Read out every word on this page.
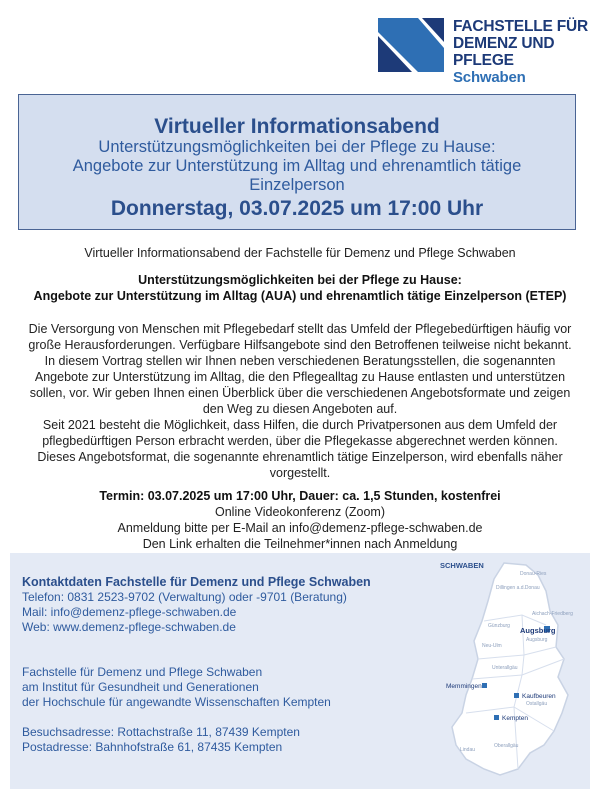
FACHSTELLE FÜR
DEMENZ UND PFLEGE
Schwaben
Virtueller Informationsabend
Unterstützungsmöglichkeiten bei der Pflege zu Hause:
Angebote zur Unterstützung im Alltag und ehrenamtlich tätige
Einzelperson
Donnerstag, 03.07.2025 um 17:00 Uhr
Virtueller Informationsabend der Fachstelle für Demenz und Pflege Schwaben
Unterstützungsmöglichkeiten bei der Pflege zu Hause:
Angebote zur Unterstützung im Alltag (AUA) und ehrenamtlich tätige Einzelperson (ETEP)
Die Versorgung von Menschen mit Pflegebedarf stellt das Umfeld der Pflegebedürftigen häufig vor
große Herausforderungen. Verfügbare Hilfsangebote sind den Betroffenen teilweise nicht bekannt.
In diesem Vortrag stellen wir Ihnen neben verschiedenen Beratungsstellen, die sogenannten
Angebote zur Unterstützung im Alltag, die den Pflegealltag zu Hause entlasten und unterstützen
sollen, vor. Wir geben Ihnen einen Überblick über die verschiedenen Angebotsformate und zeigen
den Weg zu diesen Angeboten auf.
Seit 2021 besteht die Möglichkeit, dass Hilfen, die durch Privatpersonen aus dem Umfeld der
pflegbedürftigen Person erbracht werden, über die Pflegekasse abgerechnet werden können.
Dieses Angebotsformat, die sogenannte ehrenamtlich tätige Einzelperson, wird ebenfalls näher
vorgestellt.
Termin: 03.07.2025 um 17:00 Uhr, Dauer: ca. 1,5 Stunden, kostenfrei
Online Videokonferenz (Zoom)
Anmeldung bitte per E-Mail an info@demenz-pflege-schwaben.de
Den Link erhalten die Teilnehmer*innen nach Anmeldung
Kontaktdaten Fachstelle für Demenz und Pflege Schwaben
Telefon: 0831 2523-9702 (Verwaltung) oder -9701 (Beratung)
Mail: info@demenz-pflege-schwaben.de
Web: www.demenz-pflege-schwaben.de
Fachstelle für Demenz und Pflege Schwaben
am Institut für Gesundheit und Generationen
der Hochschule für angewandte Wissenschaften Kempten
Besuchsadresse: Rottachstraße 11, 87439 Kempten
Postadresse: Bahnhofstraße 61, 87435 Kempten
SCHWABEN
Donau-Ries
Dillingen a.d.Donau
Aichach-Friedberg
Günzburg
Augsburg
Neu-Ulm
Unterallgäu
Ostallgäu
Oberallgäu
Lindau
Augsburg
Memmingen
Kaufbeuren
Kempten
